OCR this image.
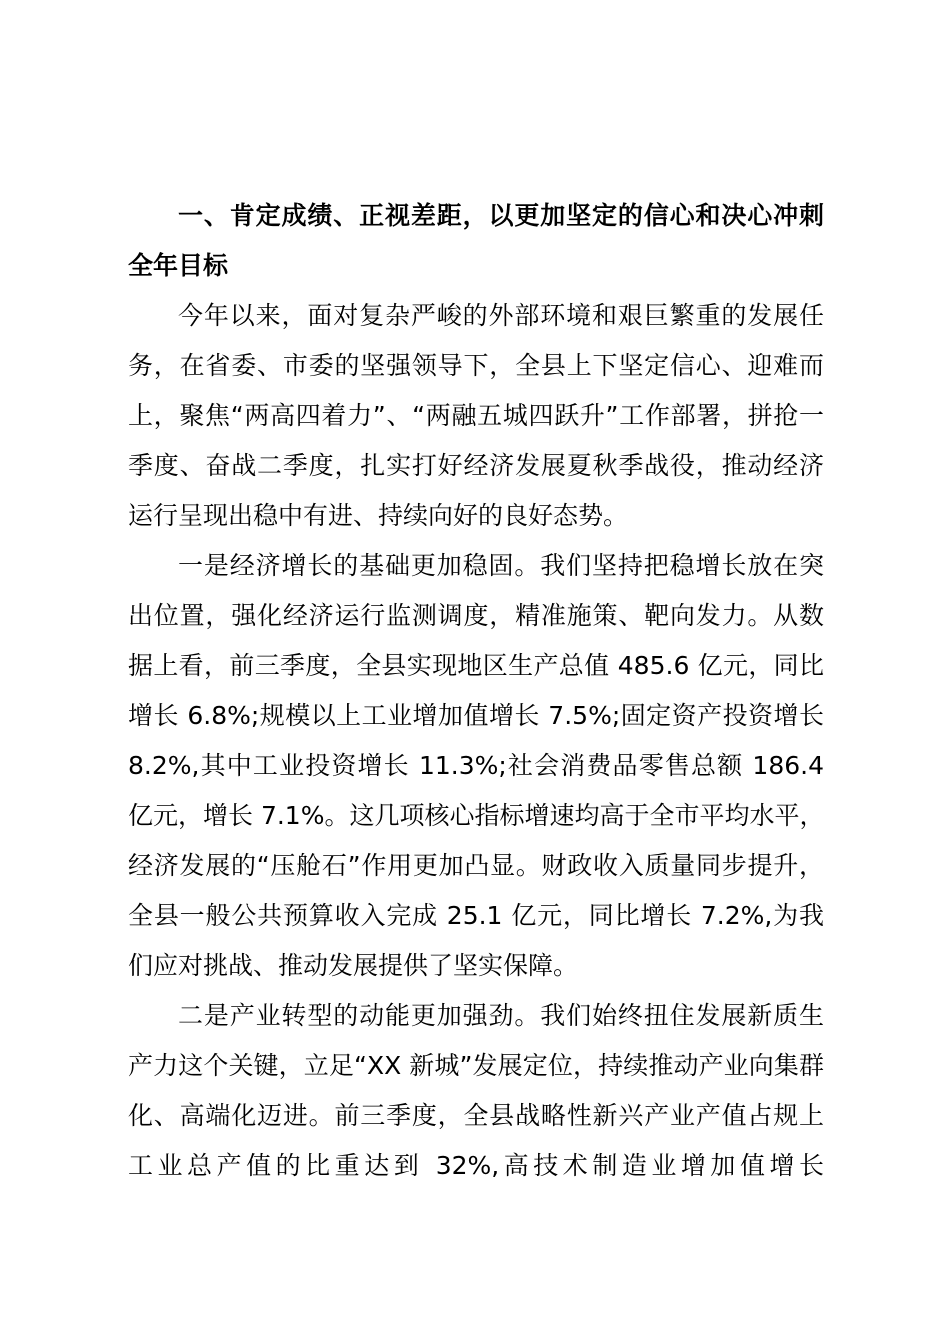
一、肯定成绩、正视差距，以更加坚定的信心和决心冲刺
全年目标
今年以来，面对复杂严峻的外部环境和艰巨繁重的发展任
务，在省委、市委的坚强领导下，全县上下坚定信心、迎难而
上，聚焦“两高四着力”、“两融五城四跃升”工作部署，拼抢一
季度、奋战二季度，扎实打好经济发展夏秋季战役，推动经济
运行呈现出稳中有进、持续向好的良好态势。
一是经济增长的基础更加稳固。我们坚持把稳增长放在突
出位置，强化经济运行监测调度，精准施策、靶向发力。从数
据上看，前三季度，全县实现地区生产总值 485.6 亿元，同比
增长 6.8%;规模以上工业增加值增长 7.5%;固定资产投资增长
8.2%,其中工业投资增长 11.3%;社会消费品零售总额 186.4
亿元，增长 7.1%。这几项核心指标增速均高于全市平均水平，
经济发展的“压舱石”作用更加凸显。财政收入质量同步提升，
全县一般公共预算收入完成 25.1 亿元，同比增长 7.2%,为我
们应对挑战、推动发展提供了坚实保障。
二是产业转型的动能更加强劲。我们始终扭住发展新质生
产力这个关键，立足“XX 新城”发展定位，持续推动产业向集群
化、高端化迈进。前三季度，全县战略性新兴产业产值占规上
工业总产值的比重达到 32%,高技术制造业增加值增长
